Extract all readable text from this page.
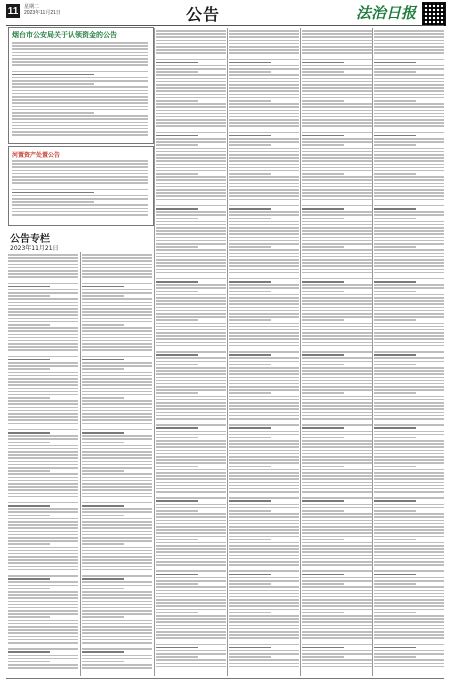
11	星期二
2023年11月21日	公告	法治日报
烟台市公安局关于认领资金的公告
河置资产处置公告
公告专栏
2023年11月21日
